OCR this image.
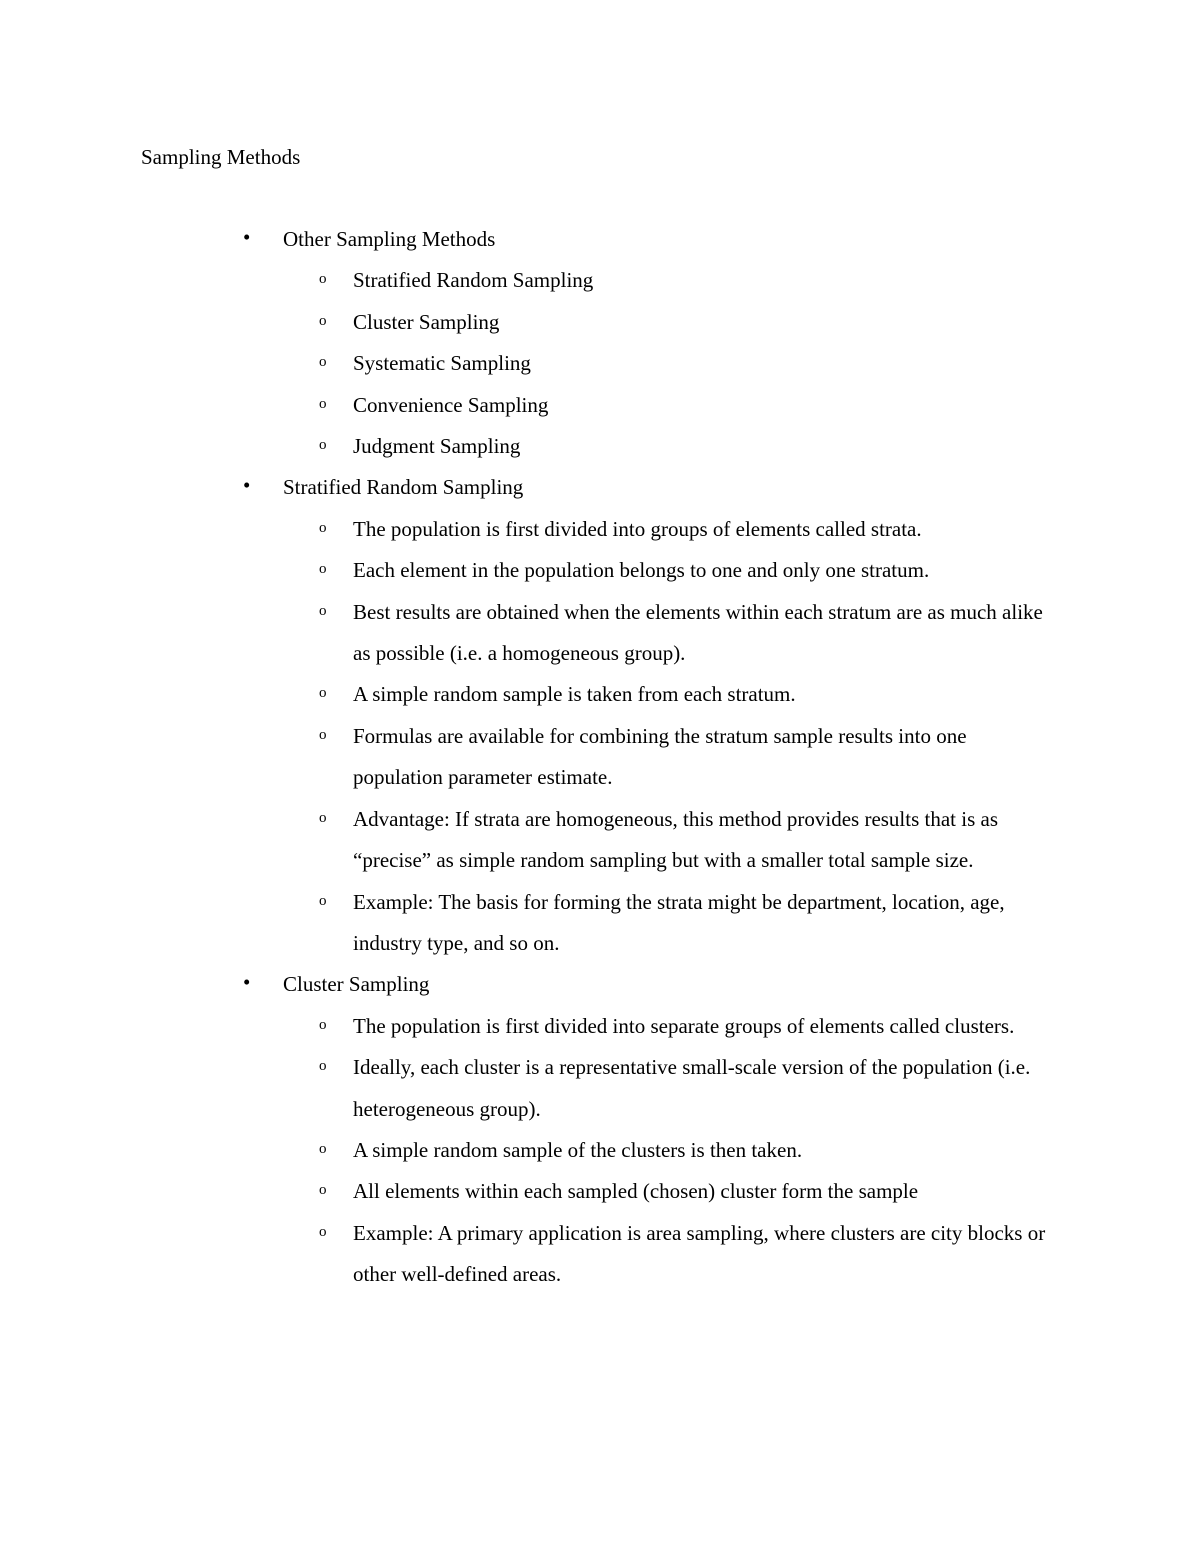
Sampling Methods
• Other Sampling Methods
o Stratified Random Sampling
o Cluster Sampling
o Systematic Sampling
o Convenience Sampling
o Judgment Sampling
• Stratified Random Sampling
o The population is first divided into groups of elements called strata.
o Each element in the population belongs to one and only one stratum.
o Best results are obtained when the elements within each stratum are as much alike as possible (i.e. a homogeneous group).
o A simple random sample is taken from each stratum.
o Formulas are available for combining the stratum sample results into one population parameter estimate.
o Advantage: If strata are homogeneous, this method provides results that is as “precise” as simple random sampling but with a smaller total sample size.
o Example: The basis for forming the strata might be department, location, age, industry type, and so on.
• Cluster Sampling
o The population is first divided into separate groups of elements called clusters.
o Ideally, each cluster is a representative small-scale version of the population (i.e. heterogeneous group).
o A simple random sample of the clusters is then taken.
o All elements within each sampled (chosen) cluster form the sample
o Example: A primary application is area sampling, where clusters are city blocks or other well-defined areas.
